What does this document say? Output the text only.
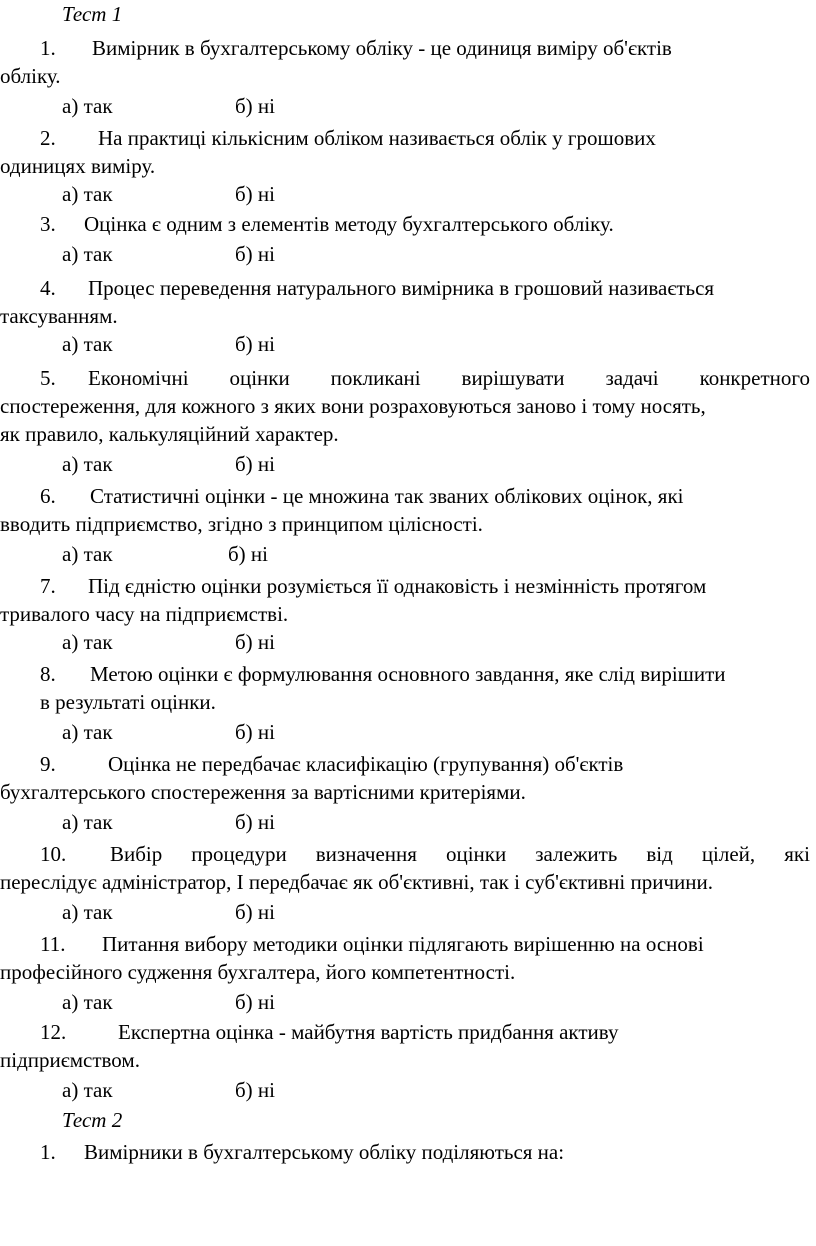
Тест 1
1. Вимірник в бухгалтерському обліку - це одиниця виміру об'єктів
обліку.
а) так	б) ні
2. На практиці кількісним обліком називається облік у грошових
одиницях виміру.
а) так	б) ні
3. Оцінка є одним з елементів методу бухгалтерського обліку.
а) так	б) ні
4. Процес переведення натурального вимірника в грошовий називається
таксуванням.
а) так	б) ні
5. Економічні оцінки покликані вирішувати задачі конкретного
спостереження, для кожного з яких вони розраховуються заново і тому носять,
як правило, калькуляційний характер.
а) так	б) ні
6. Статистичні оцінки - це множина так званих облікових оцінок, які
вводить підприємство, згідно з принципом цілісності.
а) так	б) ні
7. Під єдністю оцінки розуміється її однаковість і незмінність протягом
тривалого часу на підприємстві.
а) так	б) ні
8. Метою оцінки є формулювання основного завдання, яке слід вирішити
в результаті оцінки.
а) так	б) ні
9. Оцінка не передбачає класифікацію (групування) об'єктів
бухгалтерського спостереження за вартісними критеріями.
а) так	б) ні
10. Вибір процедури визначення оцінки залежить від цілей, які
переслідує адміністратор, І передбачає як об'єктивні, так і суб'єктивні причини.
а) так	б) ні
11. Питання вибору методики оцінки підлягають вирішенню на основі
професійного судження бухгалтера, його компетентності.
а) так	б) ні
12. Експертна оцінка - майбутня вартість придбання активу
підприємством.
а) так	б) ні
Тест 2
1. Вимірники в бухгалтерському обліку поділяються на:
